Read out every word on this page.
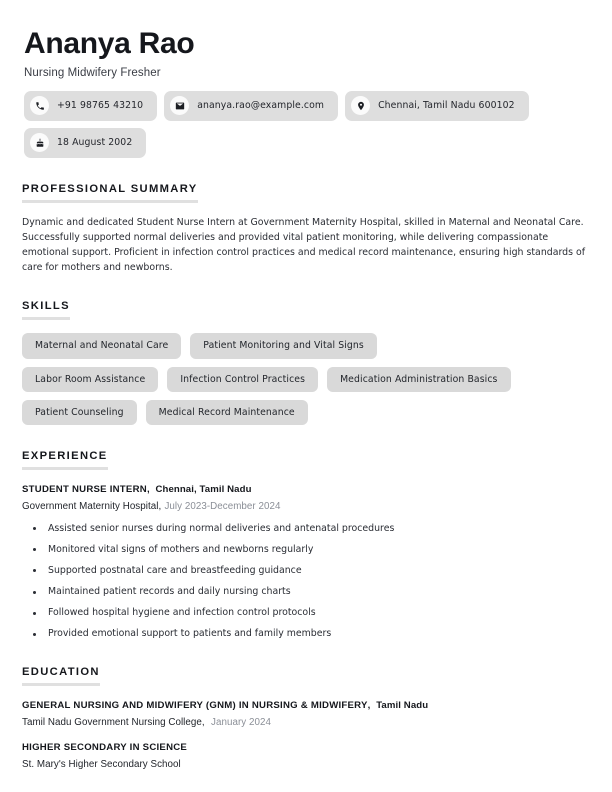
Ananya Rao
Nursing Midwifery Fresher
+91 98765 43210	ananya.rao@example.com	Chennai, Tamil Nadu 600102
18 August 2002
PROFESSIONAL SUMMARY

Dynamic and dedicated Student Nurse Intern at Government Maternity Hospital, skilled in Maternal and Neonatal Care. Successfully supported normal deliveries and provided vital patient monitoring, while delivering compassionate emotional support. Proficient in infection control practices and medical record maintenance, ensuring high standards of care for mothers and newborns.

SKILLS
Maternal and Neonatal Care	Patient Monitoring and Vital Signs
Labor Room Assistance	Infection Control Practices	Medication Administration Basics
Patient Counseling	Medical Record Maintenance
EXPERIENCE
STUDENT NURSE INTERN, Chennai, Tamil Nadu
Government Maternity Hospital, July 2023-December 2024
Assisted senior nurses during normal deliveries and antenatal procedures
Monitored vital signs of mothers and newborns regularly
Supported postnatal care and breastfeeding guidance
Maintained patient records and daily nursing charts
Followed hospital hygiene and infection control protocols
Provided emotional support to patients and family members
EDUCATION
GENERAL NURSING AND MIDWIFERY (GNM) IN NURSING & MIDWIFERY, Tamil Nadu
Tamil Nadu Government Nursing College, January 2024
HIGHER SECONDARY IN SCIENCE
St. Mary's Higher Secondary School
